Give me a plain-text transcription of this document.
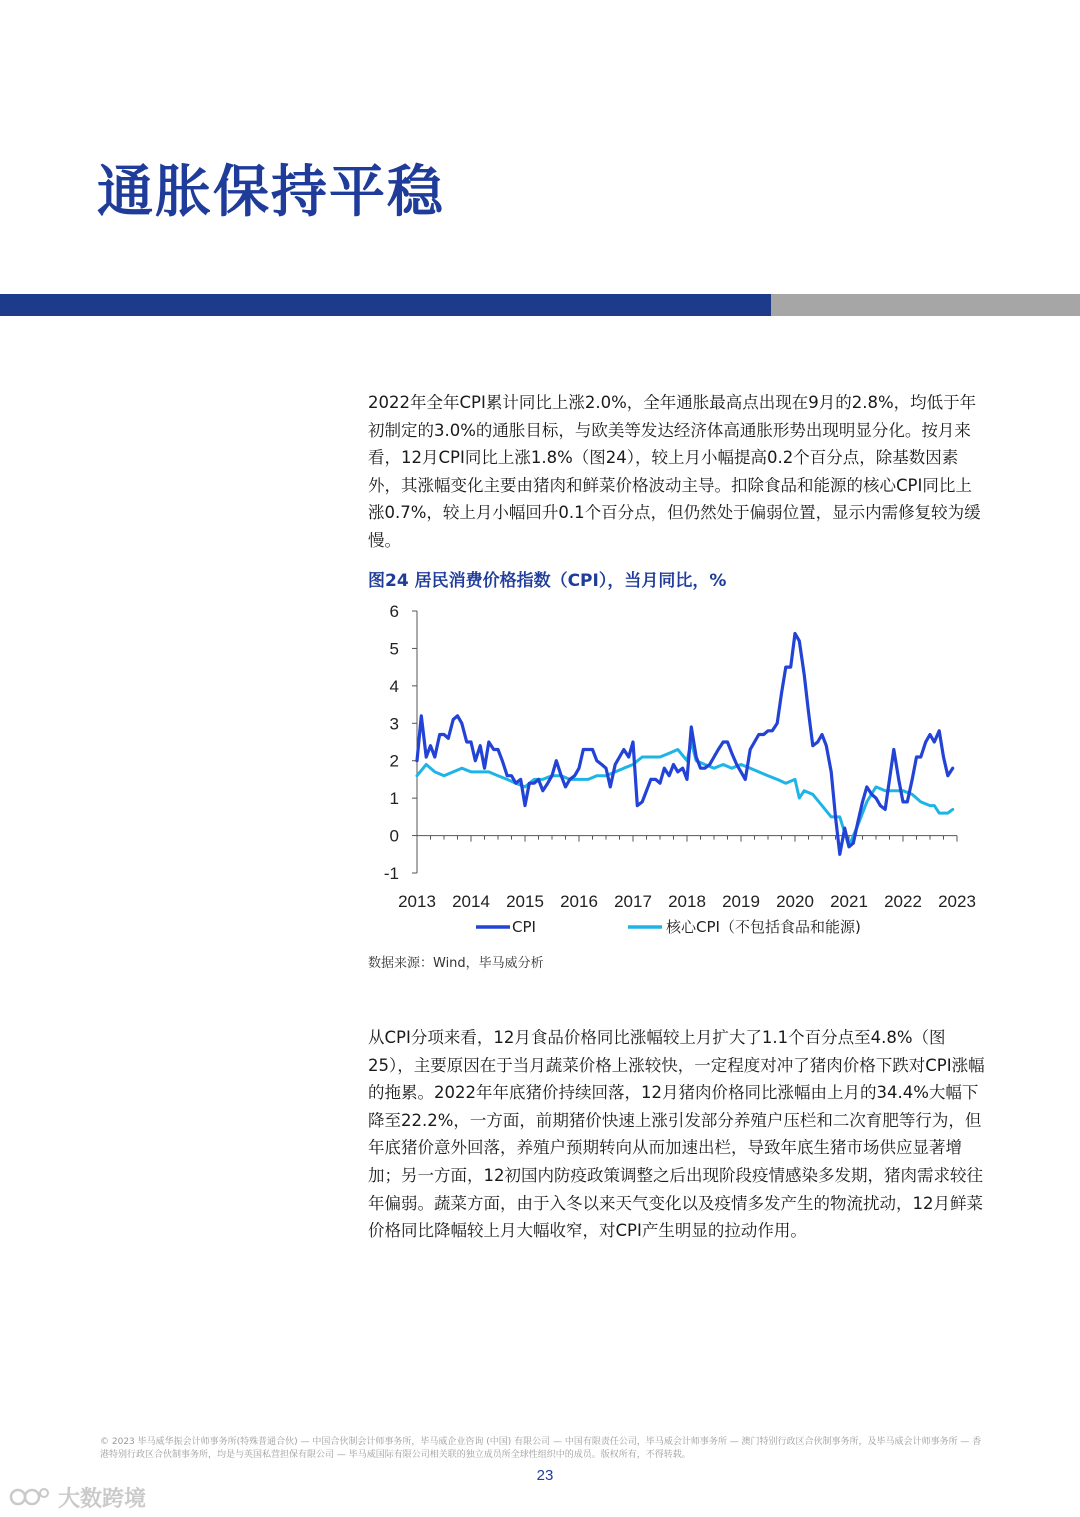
通胀保持平稳

2022年全年CPI累计同比上涨2.0%，全年通胀最高点出现在9月的2.8%，均低于年初制定的3.0%的通胀目标，与欧美等发达经济体高通胀形势出现明显分化。按月来看，12月CPI同比上涨1.8%（图24），较上月小幅提高0.2个百分点，除基数因素外，其涨幅变化主要由猪肉和鲜菜价格波动主导。扣除食品和能源的核心CPI同比上涨0.7%，较上月小幅回升0.1个百分点，但仍然处于偏弱位置，显示内需修复较为缓慢。

图24 居民消费价格指数（CPI），当月同比，%
6
5
4
3
2
1
0
-1
2013 2014 2015 2016 2017 2018 2019 2020 2021 2022 2023
CPI	核心CPI（不包括食品和能源)
数据来源：Wind，毕马威分析

从CPI分项来看，12月食品价格同比涨幅较上月扩大了1.1个百分点至4.8%（图25），主要原因在于当月蔬菜价格上涨较快，一定程度对冲了猪肉价格下跌对CPI涨幅的拖累。2022年年底猪价持续回落，12月猪肉价格同比涨幅由上月的34.4%大幅下降至22.2%，一方面，前期猪价快速上涨引发部分养殖户压栏和二次育肥等行为，但年底猪价意外回落，养殖户预期转向从而加速出栏，导致年底生猪市场供应显著增加；另一方面，12初国内防疫政策调整之后出现阶段疫情感染多发期，猪肉需求较往年偏弱。蔬菜方面，由于入冬以来天气变化以及疫情多发产生的物流扰动，12月鲜菜价格同比降幅较上月大幅收窄，对CPI产生明显的拉动作用。

© 2023 毕马威华振会计师事务所(特殊普通合伙) — 中国合伙制会计师事务所，毕马威企业咨询 (中国) 有限公司 — 中国有限责任公司，毕马威会计师事务所 — 澳门特别行政区合伙制事务所，及毕马威会计师事务所 — 香港特别行政区合伙制事务所，均是与英国私营担保有限公司 — 毕马威国际有限公司相关联的独立成员所全球性组织中的成员。版权所有，不得转载。
23
大数跨境
